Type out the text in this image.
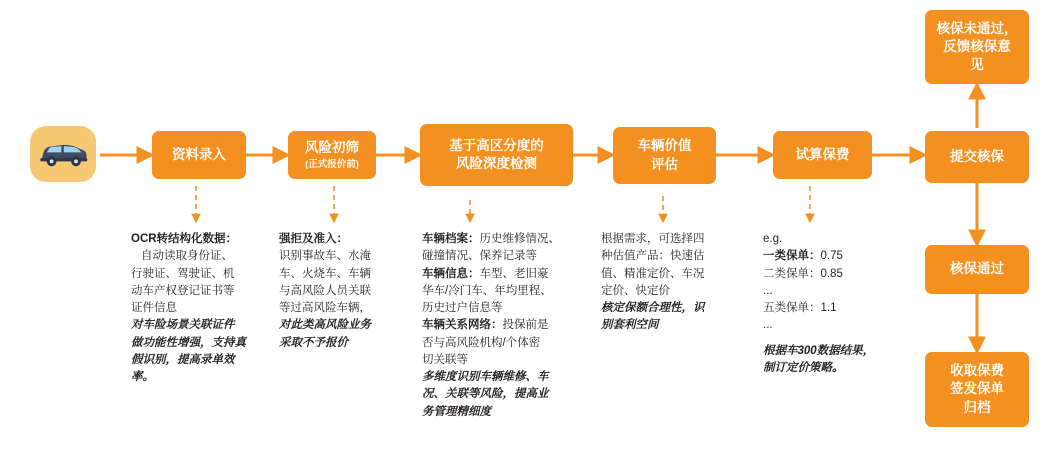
资料录入	风险初筛
(正式报价前)
基于高区分度的
风险深度检测
车辆价值
评估
试算保费	提交核保
核保未通过，
反馈核保意
见
核保通过
收取保费
签发保单
归档

OCR转结构化数据：

自动读取身份证、

行驶证、驾驶证、机

动车产权登记证书等

证件信息

对车险场景关联证件

做功能性增强，支持真

假识别，提高录单效

率。

强拒及准入：

识别事故车、水淹

车、火烧车、车辆

与高风险人员关联

等过高风险车辆，

对此类高风险业务

采取不予报价

车辆档案：历史维修情况、

碰撞情况、保养记录等

车辆信息：车型、老旧豪

华车/冷门车、年均里程、

历史过户信息等

车辆关系网络：投保前是

否与高风险机构/个体密

切关联等

多维度识别车辆维修、车

况、关联等风险，提高业

务管理精细度

根据需求，可选择四

种估值产品：快速估

值、精准定价、车况

定价、快定价

核定保额合理性，识

别套利空间

e.g.

一类保单：0.75

二类保单：0.85

...

五类保单：1.1

...

根据车300数据结果，

制订定价策略。
